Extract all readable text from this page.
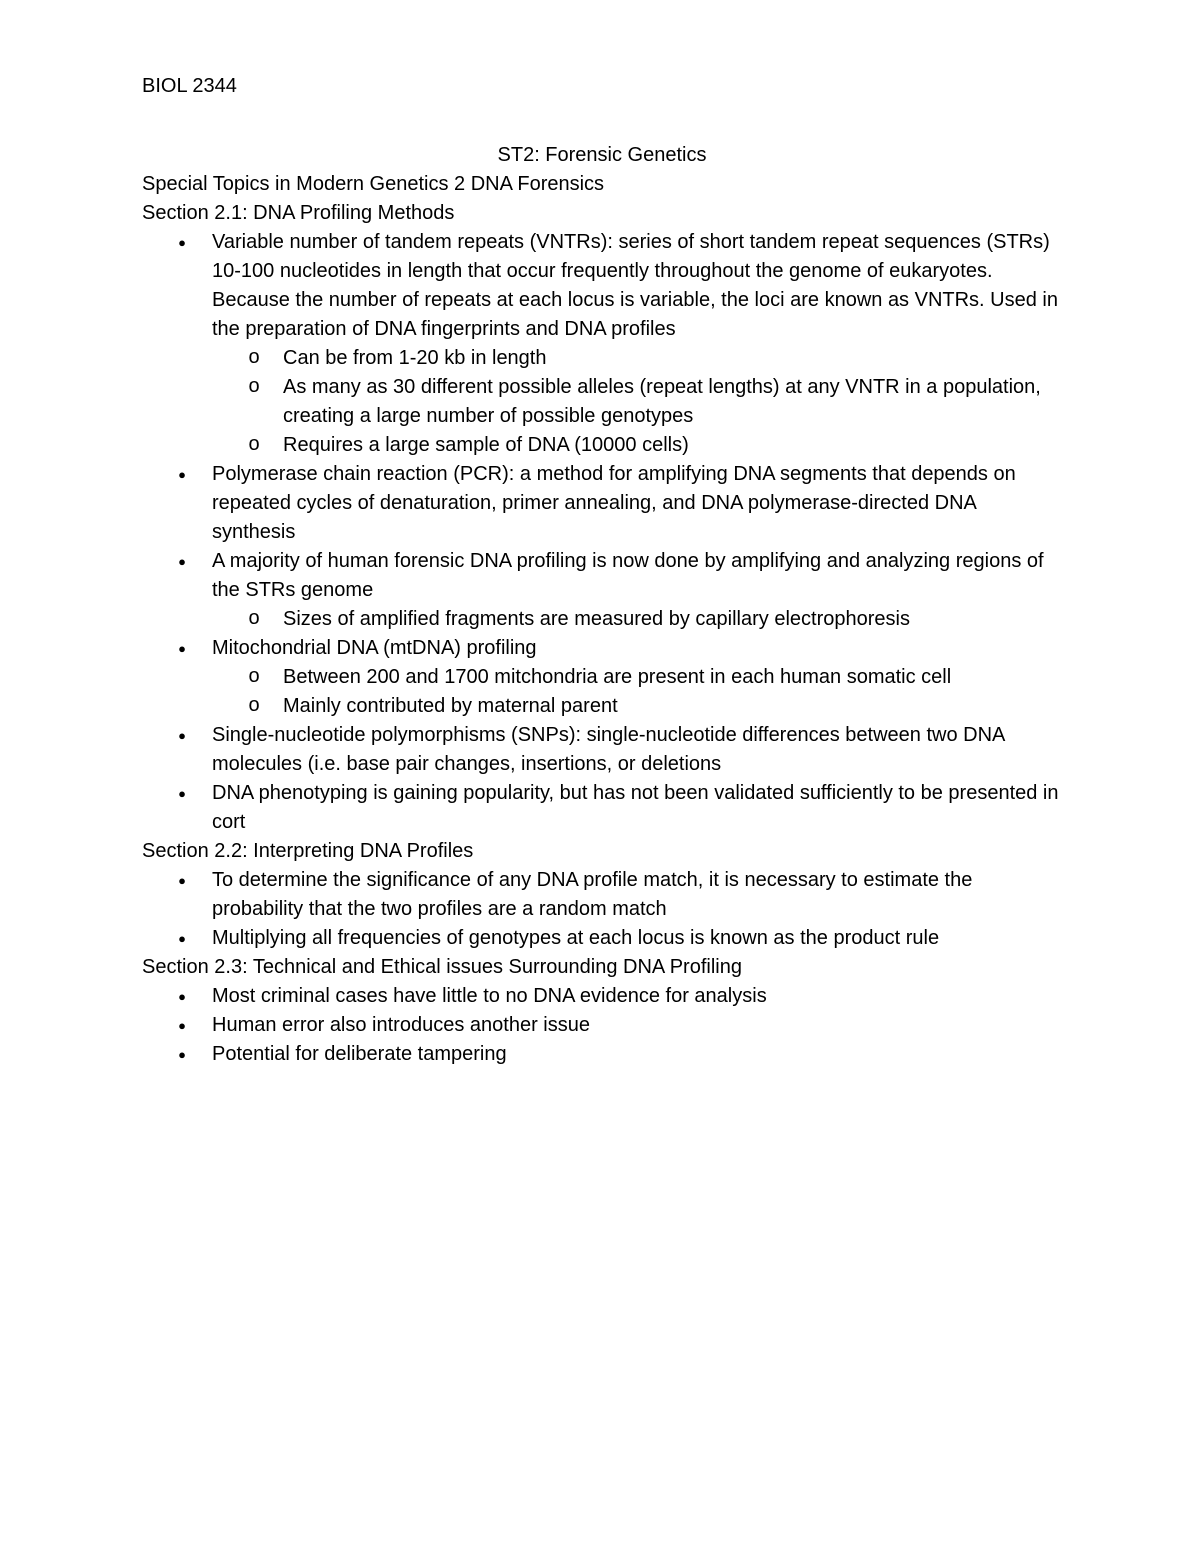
BIOL 2344

ST2: Forensic Genetics

Special Topics in Modern Genetics 2 DNA Forensics

Section 2.1: DNA Profiling Methods

● Variable number of tandem repeats (VNTRs): series of short tandem repeat sequences (STRs) 10-100 nucleotides in length that occur frequently throughout the genome of eukaryotes. Because the number of repeats at each locus is variable, the loci are known as VNTRs. Used in the preparation of DNA fingerprints and DNA profiles
o Can be from 1-20 kb in length
o As many as 30 different possible alleles (repeat lengths) at any VNTR in a population, creating a large number of possible genotypes
o Requires a large sample of DNA (10000 cells)
● Polymerase chain reaction (PCR): a method for amplifying DNA segments that depends on repeated cycles of denaturation, primer annealing, and DNA polymerase-directed DNA synthesis
● A majority of human forensic DNA profiling is now done by amplifying and analyzing regions of the STRs genome
o Sizes of amplified fragments are measured by capillary electrophoresis
● Mitochondrial DNA (mtDNA) profiling
o Between 200 and 1700 mitchondria are present in each human somatic cell
o Mainly contributed by maternal parent
● Single-nucleotide polymorphisms (SNPs): single-nucleotide differences between two DNA molecules (i.e. base pair changes, insertions, or deletions
● DNA phenotyping is gaining popularity, but has not been validated sufficiently to be presented in cort

Section 2.2: Interpreting DNA Profiles

● To determine the significance of any DNA profile match, it is necessary to estimate the probability that the two profiles are a random match
● Multiplying all frequencies of genotypes at each locus is known as the product rule

Section 2.3: Technical and Ethical issues Surrounding DNA Profiling

● Most criminal cases have little to no DNA evidence for analysis
● Human error also introduces another issue
● Potential for deliberate tampering
